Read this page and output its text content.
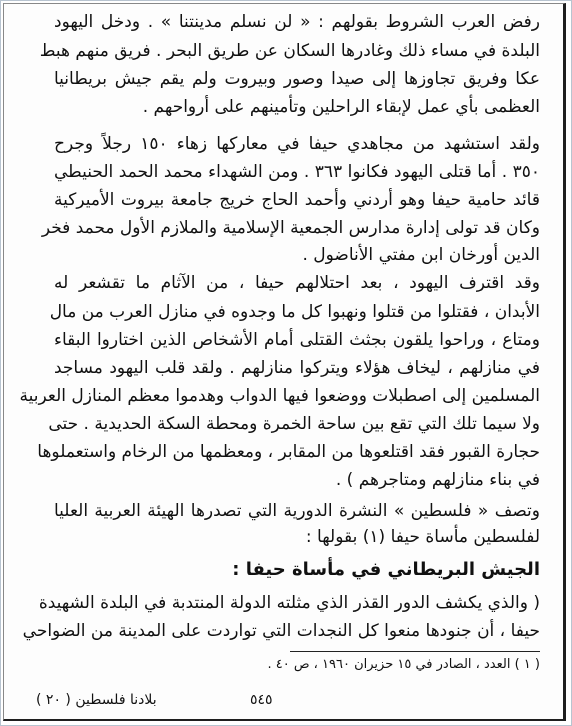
رفض العرب الشروط بقولهم : « لن نسلم مدينتنا » . ودخل اليهود
البلدة في مساء ذلك وغادرها السكان عن طريق البحر . فريق منهم هبط
عكا وفريق تجاوزها إلى صيدا وصور وبيروت ولم يقم جيش بريطانيا
العظمى بأي عمل لإبقاء الراحلين وتأمينهم على أرواحهم .
ولقد استشهد من مجاهدي حيفا في معاركها زهاء ١٥٠ رجلاً وجرح
٣٥٠ . أما قتلى اليهود فكانوا ٣٦٣ . ومن الشهداء محمد الحمد الحنيطي
قائد حامية حيفا وهو أردني وأحمد الحاج خريج جامعة بيروت الأميركية
وكان قد تولى إدارة مدارس الجمعية الإسلامية والملازم الأول محمد فخر
الدين أورخان ابن مفتي الأناضول .
وقد اقترف اليهود ، بعد احتلالهم حيفا ، من الآثام ما تقشعر له
الأبدان ، فقتلوا من قتلوا ونهبوا كل ما وجدوه في منازل العرب من مال
ومتاع ، وراحوا يلقون بجثث القتلى أمام الأشخاص الذين اختاروا البقاء
في منازلهم ، ليخاف هؤلاء ويتركوا منازلهم . ولقد قلب اليهود مساجد
المسلمين إلى اصطبلات ووضعوا فيها الدواب وهدموا معظم المنازل العربية
ولا سيما تلك التي تقع بين ساحة الخمرة ومحطة السكة الحديدية . حتى
حجارة القبور فقد اقتلعوها من المقابر ، ومعظمها من الرخام واستعملوها
في بناء منازلهم ومتاجرهم ) .
وتصف « فلسطين » النشرة الدورية التي تصدرها الهيئة العربية العليا
لفلسطين مأساة حيفا (١) بقولها :
الجيش البريطاني في مأساة حيفا :
( والذي يكشف الدور القذر الذي مثلته الدولة المنتدبة في البلدة الشهيدة
حيفا ، أن جنودها منعوا كل النجدات التي تواردت على المدينة من الضواحي
( ١ ) العدد ، الصادر في ١٥ حزيران ١٩٦٠ ، ص ٤٠ .
بلادنا فلسطين ( ٢٠ )	٥٤٥
